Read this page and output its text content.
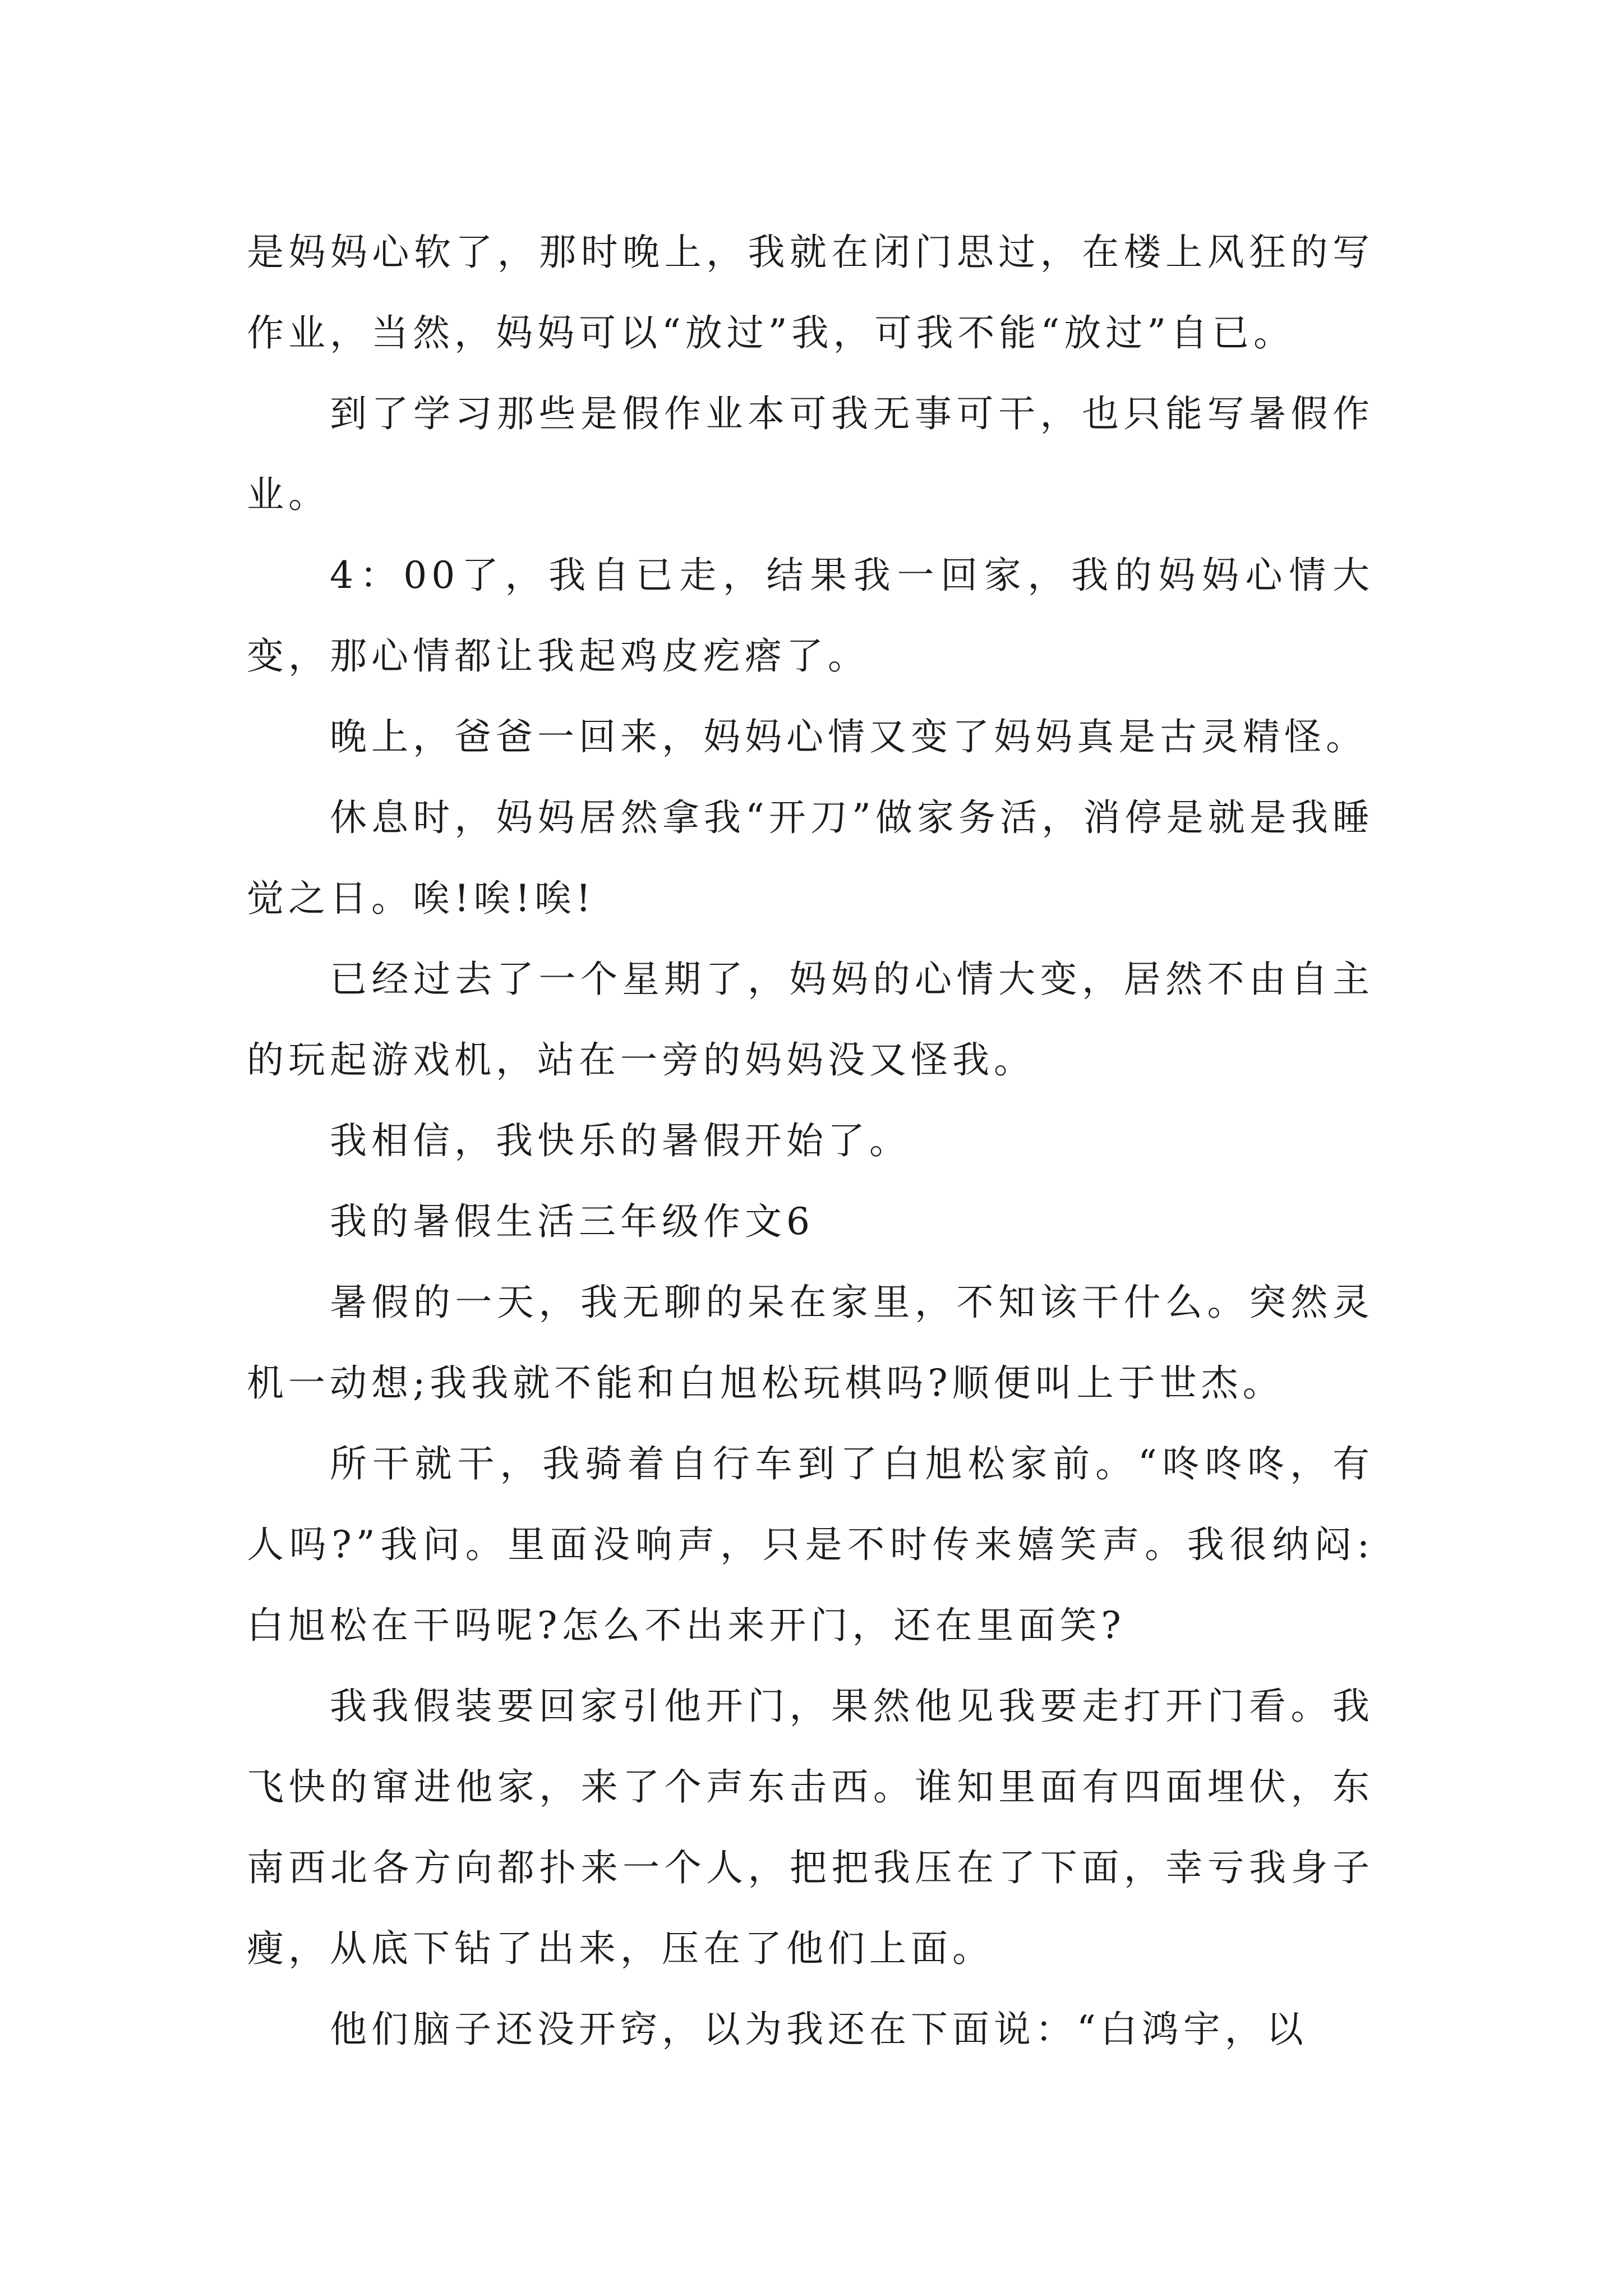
是妈妈心软了，那时晚上，我就在闭门思过，在楼上风狂的写作业，当然，妈妈可以“放过”我，可我不能“放过”自已。

到了学习那些是假作业本可我无事可干，也只能写暑假作业。

4：00了，我自已走，结果我一回家，我的妈妈心情大变，那心情都让我起鸡皮疙瘩了。

晚上，爸爸一回来，妈妈心情又变了妈妈真是古灵精怪。

休息时，妈妈居然拿我“开刀”做家务活，消停是就是我睡觉之日。唉!唉!唉!

已经过去了一个星期了，妈妈的心情大变，居然不由自主的玩起游戏机，站在一旁的妈妈没又怪我。

我相信，我快乐的暑假开始了。

我的暑假生活三年级作文6

暑假的一天，我无聊的呆在家里，不知该干什么。突然灵机一动想;我我就不能和白旭松玩棋吗?顺便叫上于世杰。

所干就干，我骑着自行车到了白旭松家前。“咚咚咚，有人吗?”我问。里面没响声，只是不时传来嬉笑声。我很纳闷:白旭松在干吗呢?怎么不出来开门，还在里面笑?

我我假装要回家引他开门，果然他见我要走打开门看。我飞快的窜进他家，来了个声东击西。谁知里面有四面埋伏，东南西北各方向都扑来一个人，把把我压在了下面，幸亏我身子瘦，从底下钻了出来，压在了他们上面。

他们脑子还没开窍，以为我还在下面说：“白鸿宇，以
